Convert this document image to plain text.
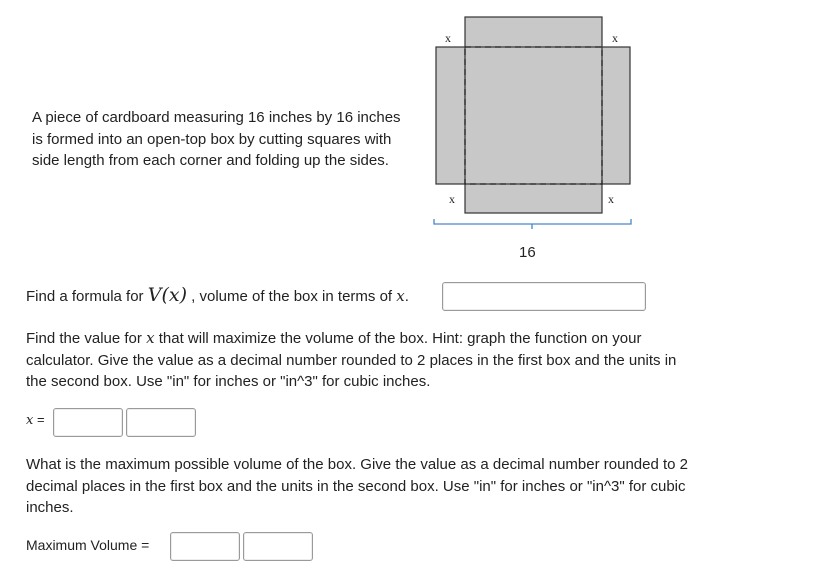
x	x
x	x
16
A piece of cardboard measuring 16 inches by 16 inches
is formed into an open-top box by cutting squares with
side length from each corner and folding up the sides.
Find a formula for V(x) , volume of the box in terms of x.
Find the value for x that will maximize the volume of the box. Hint: graph the function on your
calculator. Give the value as a decimal number rounded to 2 places in the first box and the units in
the second box. Use "in" for inches or "in^3" for cubic inches.
x =
What is the maximum possible volume of the box. Give the value as a decimal number rounded to 2
decimal places in the first box and the units in the second box. Use "in" for inches or "in^3" for cubic
inches.
Maximum Volume =
